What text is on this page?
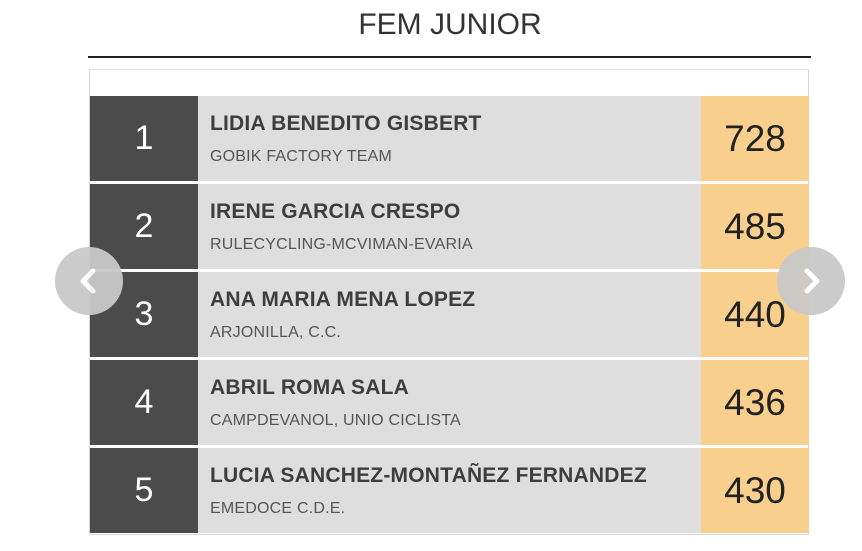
FEM JUNIOR
1	LIDIA BENEDITO GISBERT
GOBIK FACTORY TEAM	728
2	IRENE GARCIA CRESPO
RULECYCLING-MCVIMAN-EVARIA	485
3	ANA MARIA MENA LOPEZ
ARJONILLA, C.C.	440
4	ABRIL ROMA SALA
CAMPDEVANOL, UNIO CICLISTA	436
5	LUCIA SANCHEZ-MONTAÑEZ FERNANDEZ
EMEDOCE C.D.E.	430
